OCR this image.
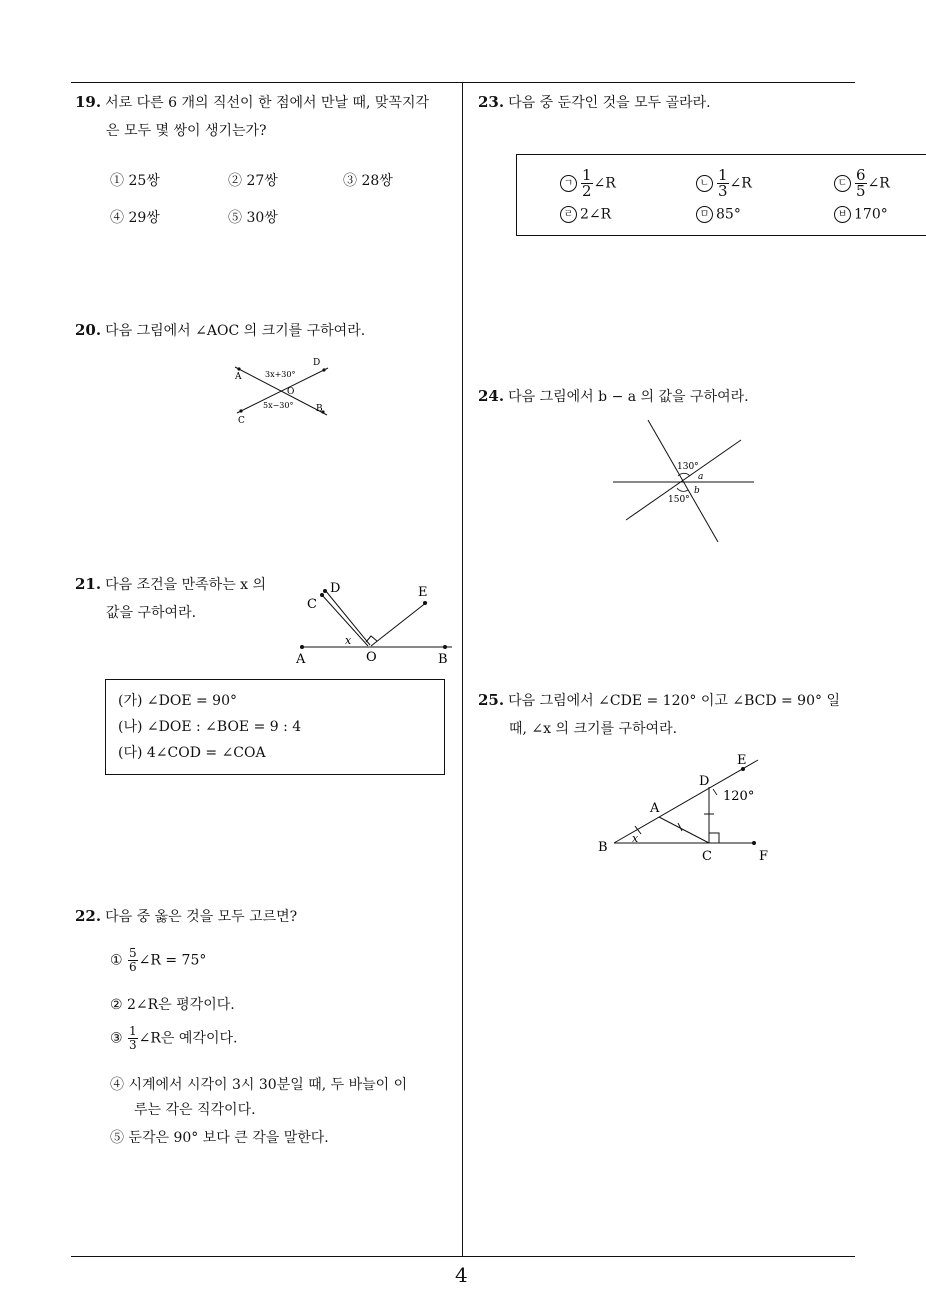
19. 서로 다른 6 개의 직선이 한 점에서 만날 때, 맞꼭지각
은 모두 몇 쌍이 생기는가?
① 25쌍	② 27쌍	③ 28쌍
④ 29쌍	⑤ 30쌍
20. 다음 그림에서 ∠AOC 의 크기를 구하여라.
A
D
O
C
B
3x+30°
5x−30°
21. 다음 조건을 만족하는 x 의
값을 구하여라.
D
C
E
A	O	B
x
(가) ∠DOE = 90°
(나) ∠DOE : ∠BOE = 9 : 4
(다) 4∠COD = ∠COA
22. 다음 중 옳은 것을 모두 고르면?
① $\frac{5}{6}$ ∠R = 75°
② 2∠R은 평각이다.
③ $\frac{1}{3}$ ∠R은 예각이다.
④ 시계에서 시각이 3시 30분일 때, 두 바늘이 이
루는 각은 직각이다.
⑤ 둔각은 90° 보다 큰 각을 말한다.
23. 다음 중 둔각인 것을 모두 골라라.
ㄱ $\frac{1}{2}$ ∠R	ㄴ $\frac{1}{3}$ ∠R	ㄷ $\frac{6}{5}$ ∠R
ㄹ 2∠R	ㅁ 85°	ㅂ 170°
24. 다음 그림에서 b − a 의 값을 구하여라.
130°
a
b
150°
25. 다음 그림에서 ∠CDE = 120° 이고 ∠BCD = 90° 일
때, ∠x 의 크기를 구하여라.
E
D
120°
A
B
x
C	F
4
